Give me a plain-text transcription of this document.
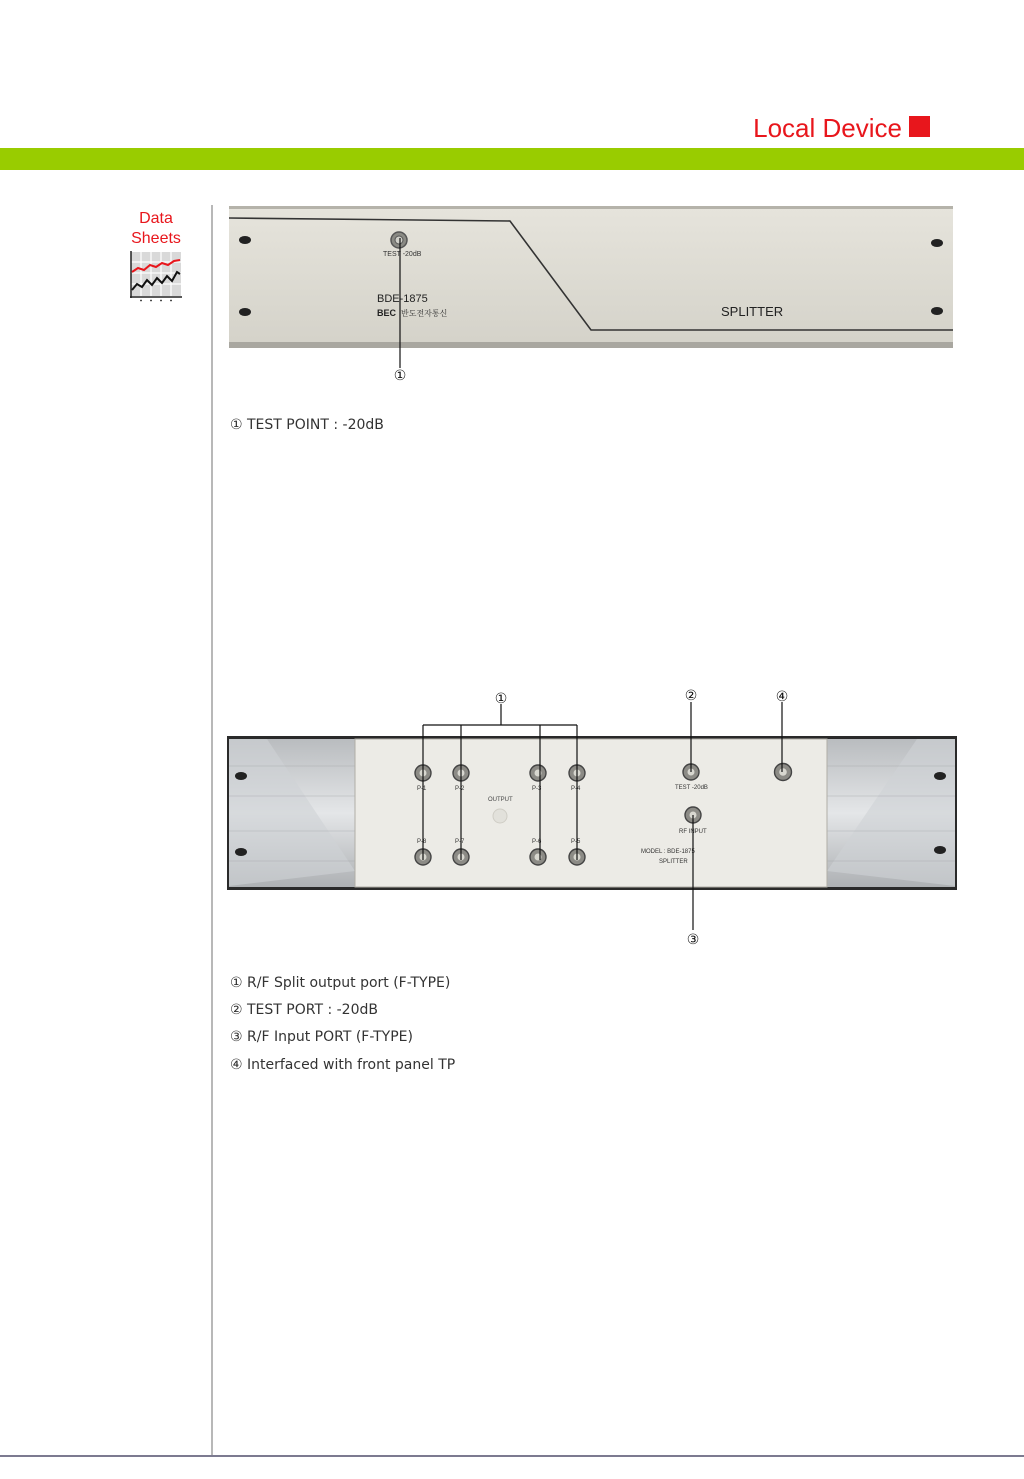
Local Device
Data
Sheets
TEST -20dB
BDE-1875
BEC 반도전자통신	SPLITTER
P-1	P-2	P-3	P-4
P-8	P-7	P-6	P-5
OUTPUT
TEST -20dB
RF INPUT
MODEL : BDE-1875
SPLITTER
①
①	②	④
③
① TEST POINT : -20dB
① R/F Split output port (F-TYPE)
② TEST PORT : -20dB
③ R/F Input PORT (F-TYPE)
④ Interfaced with front panel TP
